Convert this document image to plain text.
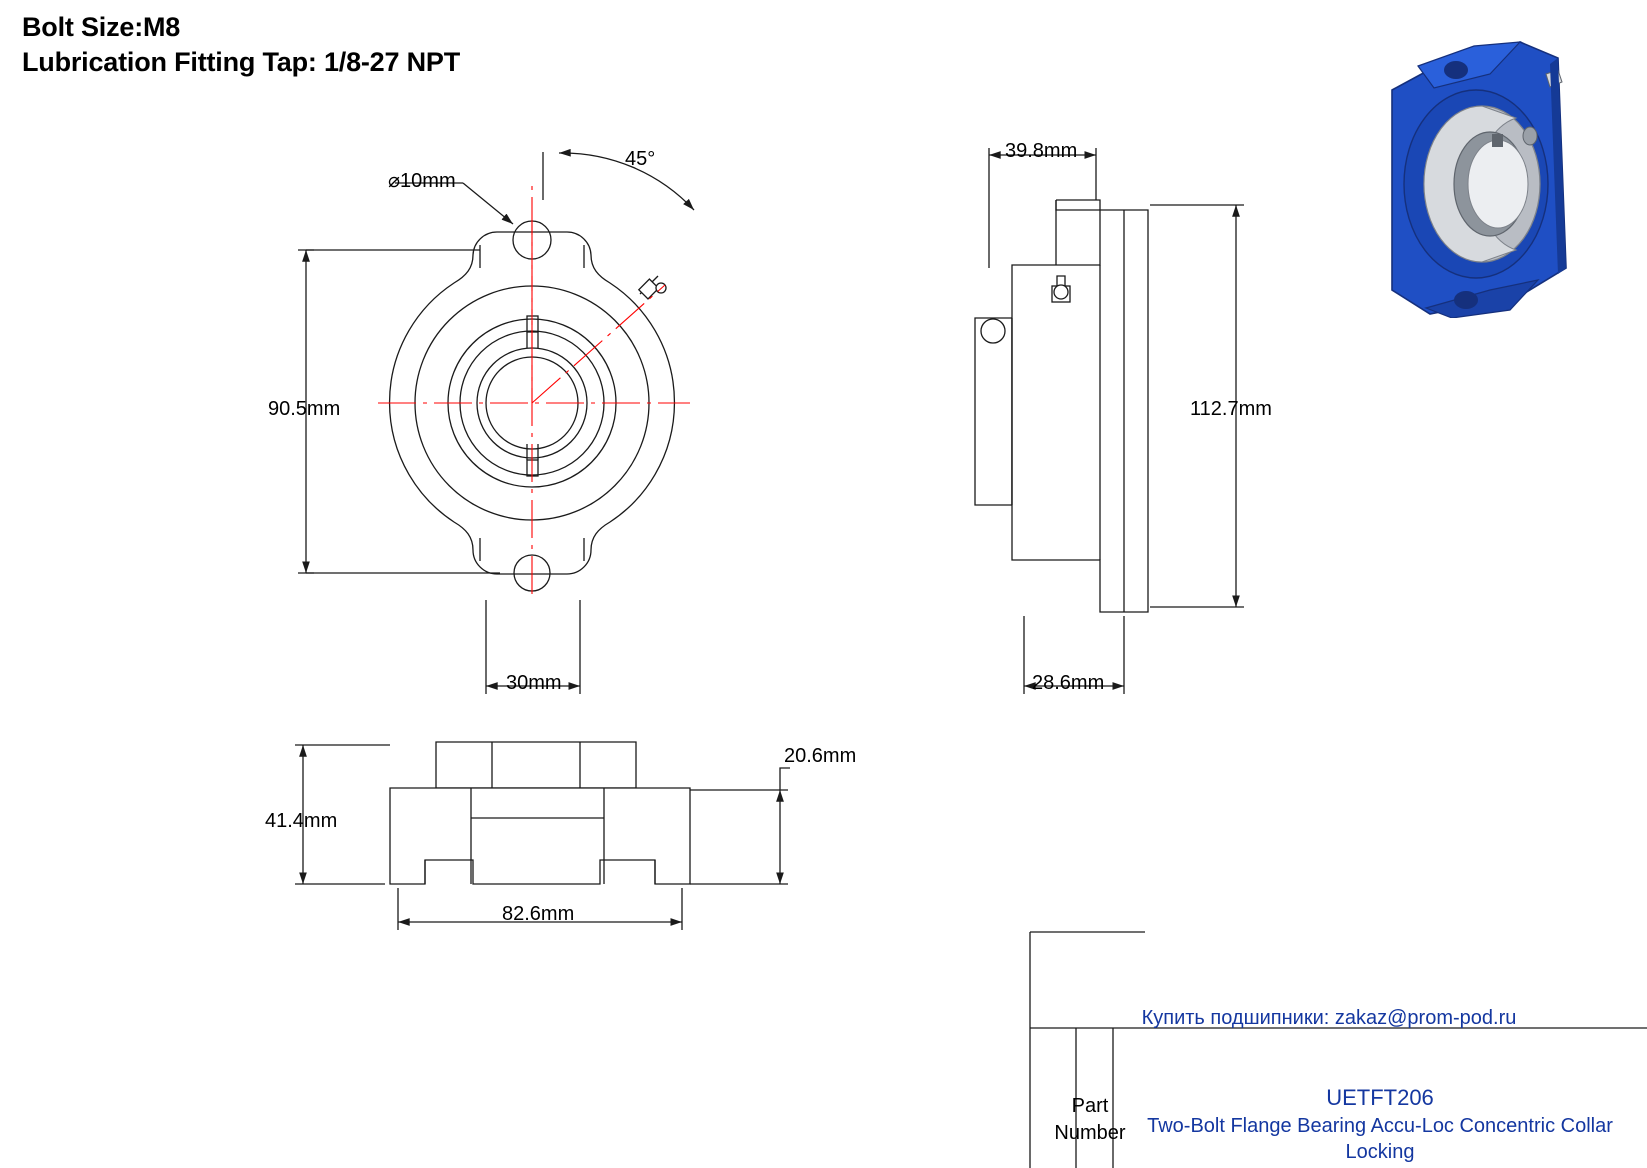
Bolt Size:M8
Lubrication Fitting Tap: 1/8-27 NPT
⌀10mm
45°
90.5mm
30mm
39.8mm
112.7mm
28.6mm
41.4mm
20.6mm
82.6mm
Купить подшипники: zakaz@prom-pod.ru
Part Number
UETFT206
Two-Bolt Flange Bearing Accu-Loc Concentric Collar Locking
